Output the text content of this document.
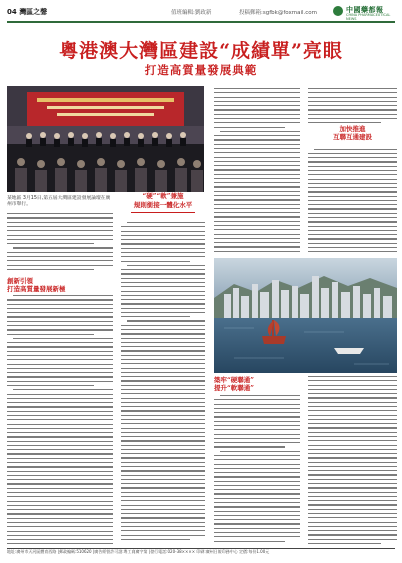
04 灣區之聲	值班編輯:劉政新	投稿郵箱:sgfbk@foxmail.com	中國藥都報
CHINA PHARMACEUTICAL NEWS
粵港澳大灣區建設“成績單”亮眼
打造高質量發展典範
某地區 3月15日,第五屆大灣區建設發展論壇在廣州市舉行。
創新引領
打造高質量發展新極
“硬”“軟”兼施
規則銜接一體化水平
加快推進
互聯互通建設
築牢“硬聯通”
提升“軟聯通”
地址:廣州市天河區體育西路 |郵政編碼:510620 |廣告經營許可證:粵工商廣字第 |發行電話:020-38×××× 印刷:廣州日報印務中心 定價:每份1.00元
